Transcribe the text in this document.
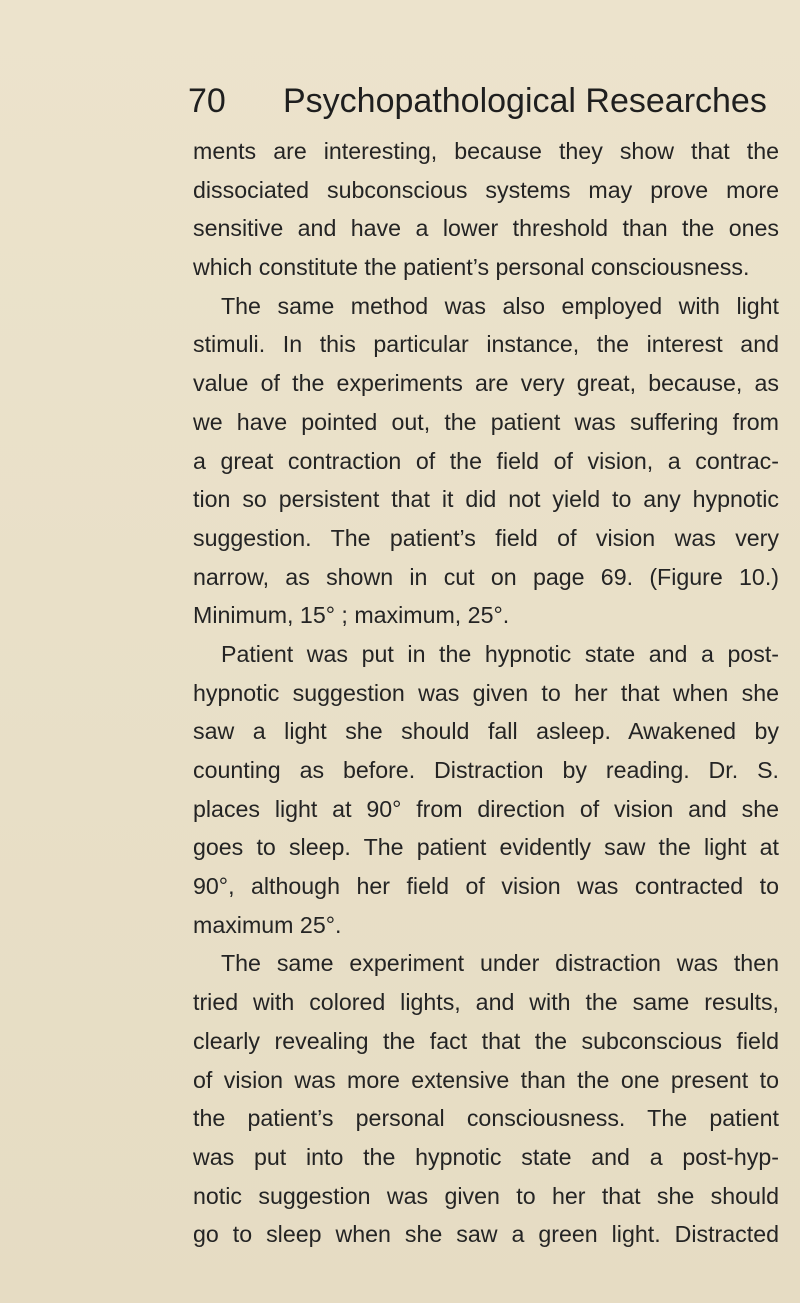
70 Psychopathological Researches
ments are interesting, because they show that the
dissociated subconscious systems may prove more
sensitive and have a lower threshold than the ones
which constitute the patient’s personal consciousness.
The same method was also employed with light
stimuli. In this particular instance, the interest and
value of the experiments are very great, because, as
we have pointed out, the patient was suffering from
a great contraction of the field of vision, a contrac-
tion so persistent that it did not yield to any hypnotic
suggestion. The patient’s field of vision was very
narrow, as shown in cut on page 69. (Figure 10.)
Minimum, 15° ; maximum, 25°.
Patient was put in the hypnotic state and a post-
hypnotic suggestion was given to her that when she
saw a light she should fall asleep. Awakened by
counting as before. Distraction by reading. Dr. S.
places light at 90° from direction of vision and she
goes to sleep. The patient evidently saw the light at
90°, although her field of vision was contracted to
maximum 25°.
The same experiment under distraction was then
tried with colored lights, and with the same results,
clearly revealing the fact that the subconscious field
of vision was more extensive than the one present to
the patient’s personal consciousness. The patient
was put into the hypnotic state and a post-hyp-
notic suggestion was given to her that she should
go to sleep when she saw a green light. Distracted
